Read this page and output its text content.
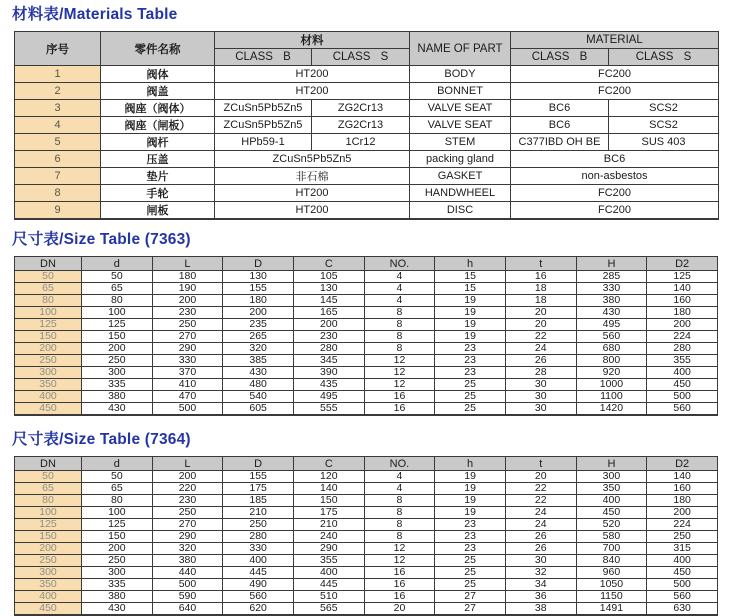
材料表/Materials Table
序号	零件名称	材料		NAME OF PART	MATERIAL	
		CLASS B	CLASS S		CLASS B	CLASS S
1	阀体	HT200		BODY	FC200	
2	阀盖	HT200		BONNET	FC200	
3	阀座（阀体）	ZCuSn5Pb5Zn5	ZG2Cr13	VALVE SEAT	BC6	SCS2
4	阀座（闸板）	ZCuSn5Pb5Zn5	ZG2Cr13	VALVE SEAT	BC6	SCS2
5	阀杆	HPb59-1	1Cr12	STEM	C377IBD OH BE	SUS 403
6	压盖	ZCuSn5Pb5Zn5		packing gland	BC6	
7	垫片	非石棉		GASKET	non-asbestos	
8	手轮	HT200		HANDWHEEL	FC200	
9	闸板	HT200		DISC	FC200	
尺寸表/Size Table (7363)
DN	d	L	D	C	NO.	h	t	H	D2
50	50	180	130	105	4	15	16	285	125
65	65	190	155	130	4	15	18	330	140
80	80	200	180	145	4	19	18	380	160
100	100	230	200	165	8	19	20	430	180
125	125	250	235	200	8	19	20	495	200
150	150	270	265	230	8	19	22	560	224
200	200	290	320	280	8	23	24	680	280
250	250	330	385	345	12	23	26	800	355
300	300	370	430	390	12	23	28	920	400
350	335	410	480	435	12	25	30	1000	450
400	380	470	540	495	16	25	30	1100	500
450	430	500	605	555	16	25	30	1420	560
尺寸表/Size Table (7364)
DN	d	L	D	C	NO.	h	t	H	D2
50	50	200	155	120	4	19	20	300	140
65	65	220	175	140	4	19	22	350	160
80	80	230	185	150	8	19	22	400	180
100	100	250	210	175	8	19	24	450	200
125	125	270	250	210	8	23	24	520	224
150	150	290	280	240	8	23	26	580	250
200	200	320	330	290	12	23	26	700	315
250	250	380	400	355	12	25	30	840	400
300	300	440	445	400	16	25	32	960	450
350	335	500	490	445	16	25	34	1050	500
400	380	590	560	510	16	27	36	1150	560
450	430	640	620	565	20	27	38	1491	630
